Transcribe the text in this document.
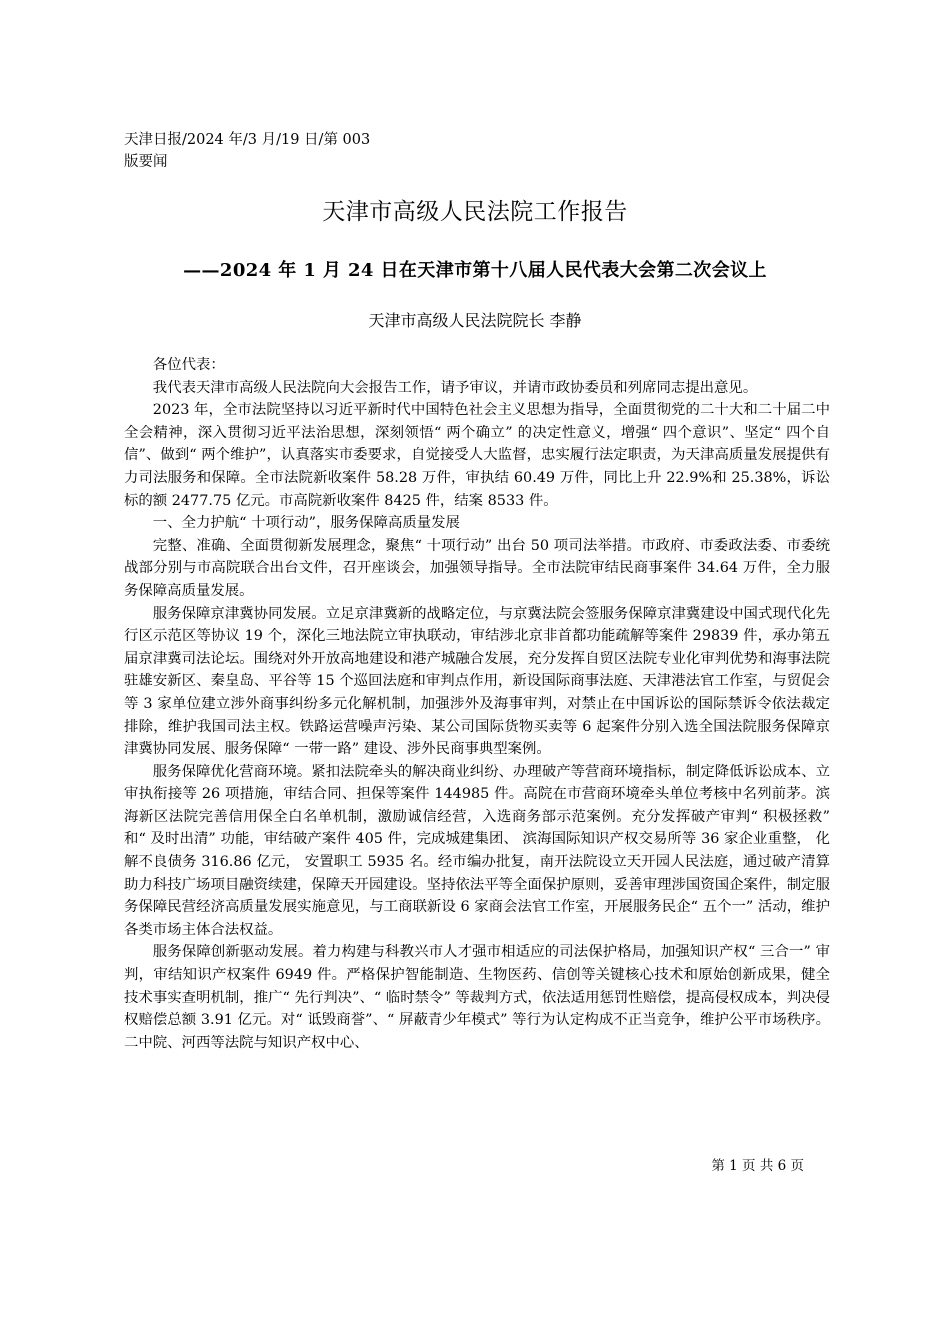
天津日报/2024 年/3 月/19 日/第 003
版要闻
天津市高级人民法院工作报告
——2024 年 1 月 24 日在天津市第十八届人民代表大会第二次会议上
天津市高级人民法院院长 李静

各位代表：

我代表天津市高级人民法院向大会报告工作，请予审议，并请市政协委员和列席同志提出意见。

2023 年，全市法院坚持以习近平新时代中国特色社会主义思想为指导，全面贯彻党的二十大和二十届二中全会精神，深入贯彻习近平法治思想，深刻领悟“ 两个确立” 的决定性意义，增强“ 四个意识”、坚定“ 四个自信”、做到“ 两个维护”，认真落实市委要求，自觉接受人大监督，忠实履行法定职责，为天津高质量发展提供有力司法服务和保障。全市法院新收案件 58.28 万件，审执结 60.49 万件，同比上升 22.9%和 25.38%，诉讼标的额 2477.75 亿元。市高院新收案件 8425 件，结案 8533 件。

一、全力护航“ 十项行动”，服务保障高质量发展

完整、准确、全面贯彻新发展理念，聚焦“ 十项行动” 出台 50 项司法举措。市政府、市委政法委、市委统战部分别与市高院联合出台文件，召开座谈会，加强领导指导。全市法院审结民商事案件 34.64 万件，全力服务保障高质量发展。

服务保障京津冀协同发展。立足京津冀新的战略定位，与京冀法院会签服务保障京津冀建设中国式现代化先行区示范区等协议 19 个，深化三地法院立审执联动，审结涉北京非首都功能疏解等案件 29839 件，承办第五届京津冀司法论坛。围绕对外开放高地建设和港产城融合发展，充分发挥自贸区法院专业化审判优势和海事法院驻雄安新区、秦皇岛、平谷等 15 个巡回法庭和审判点作用，新设国际商事法庭、天津港法官工作室，与贸促会等 3 家单位建立涉外商事纠纷多元化解机制，加强涉外及海事审判，对禁止在中国诉讼的国际禁诉令依法裁定排除，维护我国司法主权。铁路运营噪声污染、某公司国际货物买卖等 6 起案件分别入选全国法院服务保障京津冀协同发展、服务保障“ 一带一路” 建设、涉外民商事典型案例。

服务保障优化营商环境。紧扣法院牵头的解决商业纠纷、办理破产等营商环境指标，制定降低诉讼成本、立审执衔接等 26 项措施，审结合同、担保等案件 144985 件。高院在市营商环境牵头单位考核中名列前茅。滨海新区法院完善信用保全白名单机制，激励诚信经营，入选商务部示范案例。充分发挥破产审判“ 积极拯救” 和“ 及时出清” 功能，审结破产案件 405 件，完成城建集团、 滨海国际知识产权交易所等 36 家企业重整， 化解不良债务 316.86 亿元， 安置职工 5935 名。经市编办批复，南开法院设立天开园人民法庭，通过破产清算助力科技广场项目融资续建，保障天开园建设。坚持依法平等全面保护原则，妥善审理涉国资国企案件，制定服务保障民营经济高质量发展实施意见，与工商联新设 6 家商会法官工作室，开展服务民企“ 五个一” 活动，维护各类市场主体合法权益。

服务保障创新驱动发展。着力构建与科教兴市人才强市相适应的司法保护格局，加强知识产权“ 三合一” 审判，审结知识产权案件 6949 件。严格保护智能制造、生物医药、信创等关键核心技术和原始创新成果，健全技术事实查明机制，推广“ 先行判决”、“ 临时禁令” 等裁判方式，依法适用惩罚性赔偿，提高侵权成本，判决侵权赔偿总额 3.91 亿元。对“ 诋毁商誉”、“ 屏蔽青少年模式” 等行为认定构成不正当竞争，维护公平市场秩序。二中院、河西等法院与知识产权中心、

第 1 页 共 6 页
